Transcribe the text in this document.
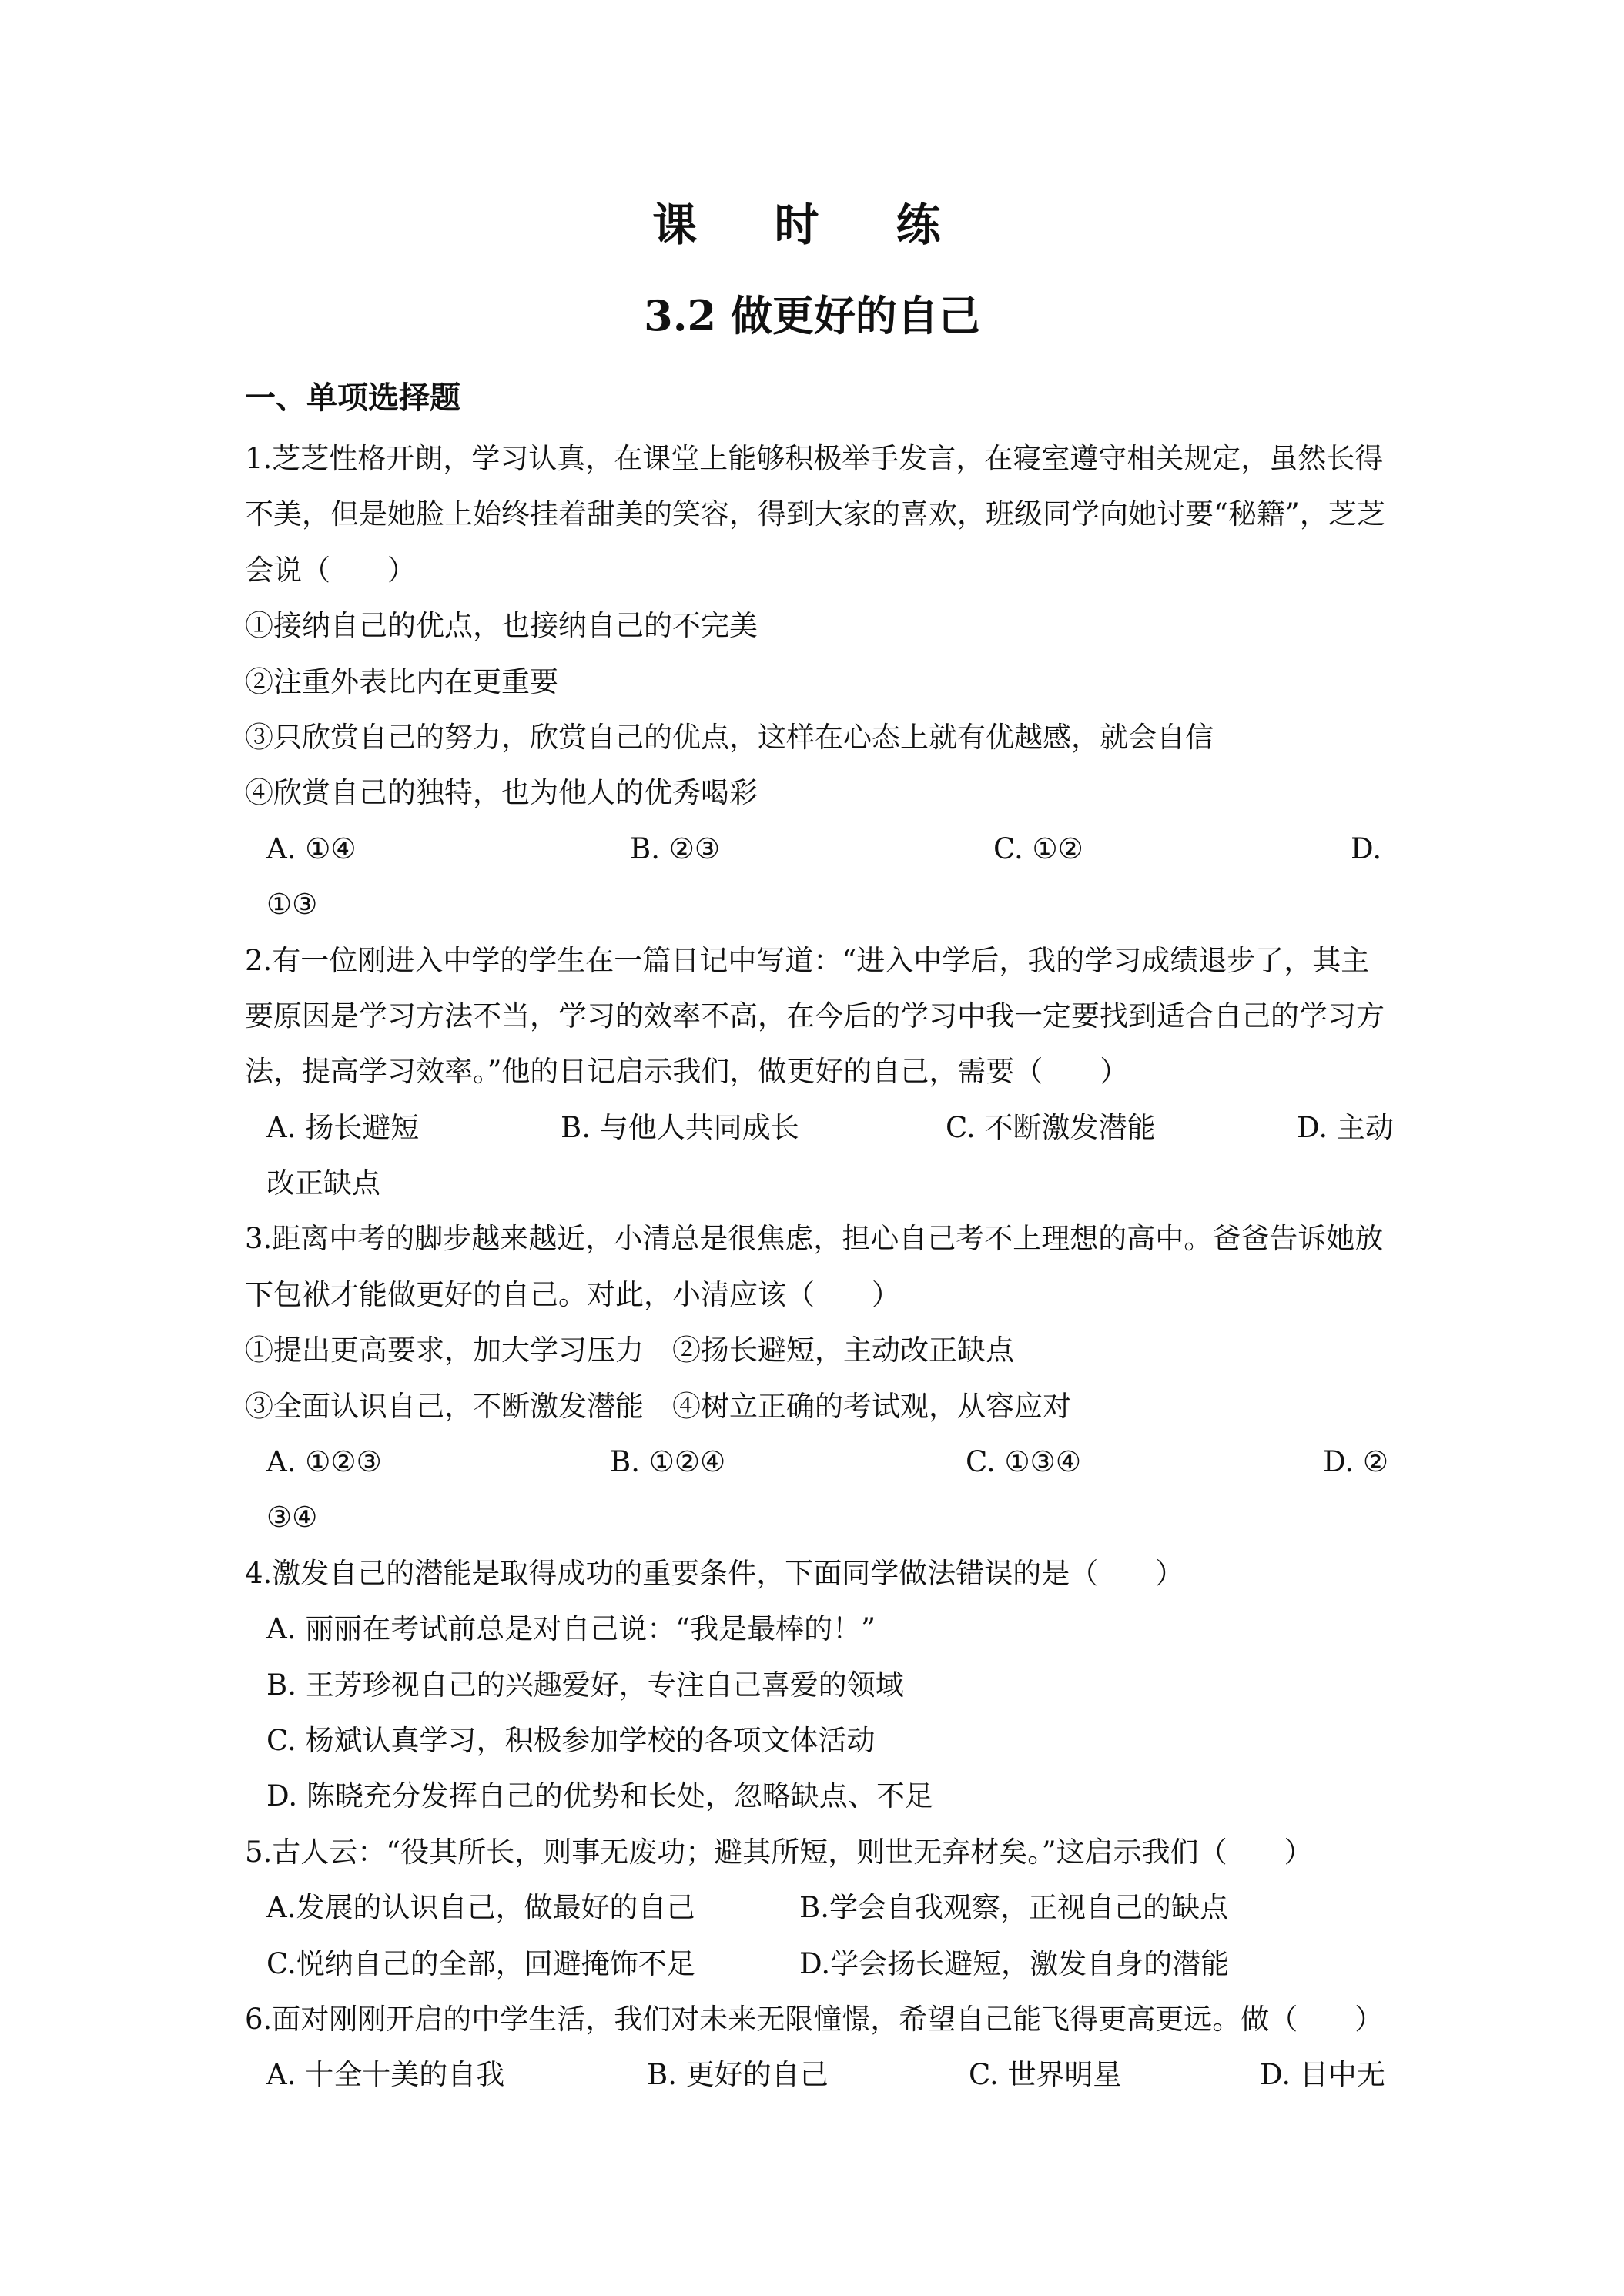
课 时 练
3.2 做更好的自己
一、单项选择题
1.芝芝性格开朗，学习认真，在课堂上能够积极举手发言，在寝室遵守相关规定，虽然长得
不美，但是她脸上始终挂着甜美的笑容，得到大家的喜欢，班级同学向她讨要“秘籍”，芝芝
会说（　　）
①接纳自己的优点，也接纳自己的不完美
②注重外表比内在更重要
③只欣赏自己的努力，欣赏自己的优点，这样在心态上就有优越感，就会自信
④欣赏自己的独特，也为他人的优秀喝彩
A. ①④	B. ②③	C. ①②	D.
①③
2.有一位刚进入中学的学生在一篇日记中写道：“进入中学后，我的学习成绩退步了，其主
要原因是学习方法不当，学习的效率不高，在今后的学习中我一定要找到适合自己的学习方
法，提高学习效率。”他的日记启示我们，做更好的自己，需要（　　）
A. 扬长避短	B. 与他人共同成长	C. 不断激发潜能	D. 主动
改正缺点
3.距离中考的脚步越来越近，小清总是很焦虑，担心自己考不上理想的高中。爸爸告诉她放
下包袱才能做更好的自己。对此，小清应该（　　）
①提出更高要求，加大学习压力　②扬长避短，主动改正缺点
③全面认识自己，不断激发潜能　④树立正确的考试观，从容应对
A. ①②③	B. ①②④	C. ①③④	D. ②
③④
4.激发自己的潜能是取得成功的重要条件，下面同学做法错误的是（　　）
A. 丽丽在考试前总是对自己说：“我是最棒的！”
B. 王芳珍视自己的兴趣爱好，专注自己喜爱的领域
C. 杨斌认真学习，积极参加学校的各项文体活动
D. 陈晓充分发挥自己的优势和长处，忽略缺点、不足
5.古人云：“役其所长，则事无废功；避其所短，则世无弃材矣。”这启示我们（　　）
A.发展的认识自己，做最好的自己	B.学会自我观察，正视自己的缺点
C.悦纳自己的全部，回避掩饰不足	D.学会扬长避短，激发自身的潜能
6.面对刚刚开启的中学生活，我们对未来无限憧憬，希望自己能飞得更高更远。做（　　）
A. 十全十美的自我	B. 更好的自己	C. 世界明星	D. 目中无
